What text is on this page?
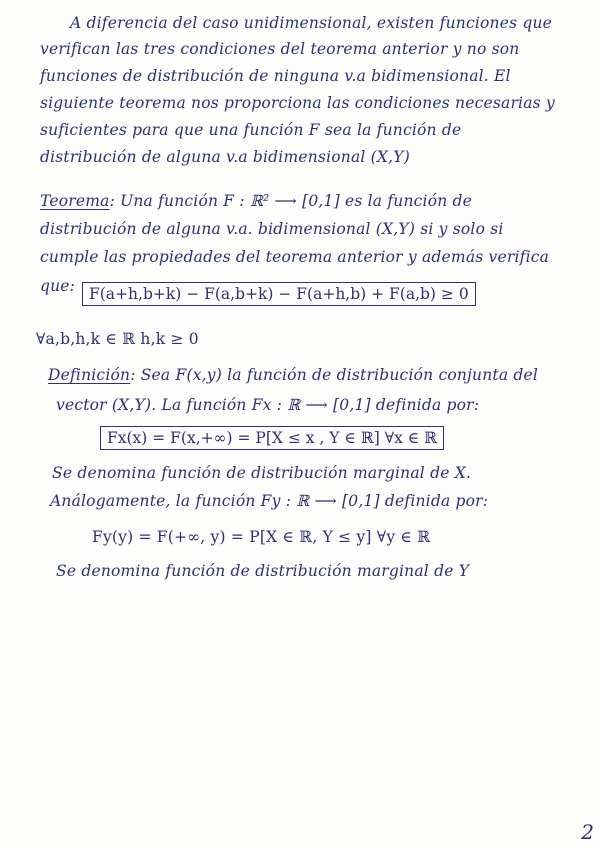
A diferencia del caso unidimensional, existen funciones que
verifican las tres condiciones del teorema anterior y no son
funciones de distribución de ninguna v.a bidimensional. El
siguiente teorema nos proporciona las condiciones necesarias y
suficientes para que una función F sea la función de
distribución de alguna v.a bidimensional (X,Y)
Teorema: Una función F : ℝ² ⟶ [0,1] es la función de
distribución de alguna v.a. bidimensional (X,Y) si y solo si
cumple las propiedades del teorema anterior y además verifica
que: F(a+h,b+k) − F(a,b+k) − F(a+h,b) + F(a,b) ≥ 0
∀a,b,h,k ∈ ℝ h,k ≥ 0
Definición: Sea F(x,y) la función de distribución conjunta del
vector (X,Y). La función Fx : ℝ ⟶ [0,1] definida por:
Fx(x) = F(x,+∞) = P[X ≤ x , Y ∈ ℝ] ∀x ∈ ℝ
Se denomina función de distribución marginal de X.
Análogamente, la función Fy : ℝ ⟶ [0,1] definida por:
Fy(y) = F(+∞, y) = P[X ∈ ℝ, Y ≤ y] ∀y ∈ ℝ
Se denomina función de distribución marginal de Y
2
